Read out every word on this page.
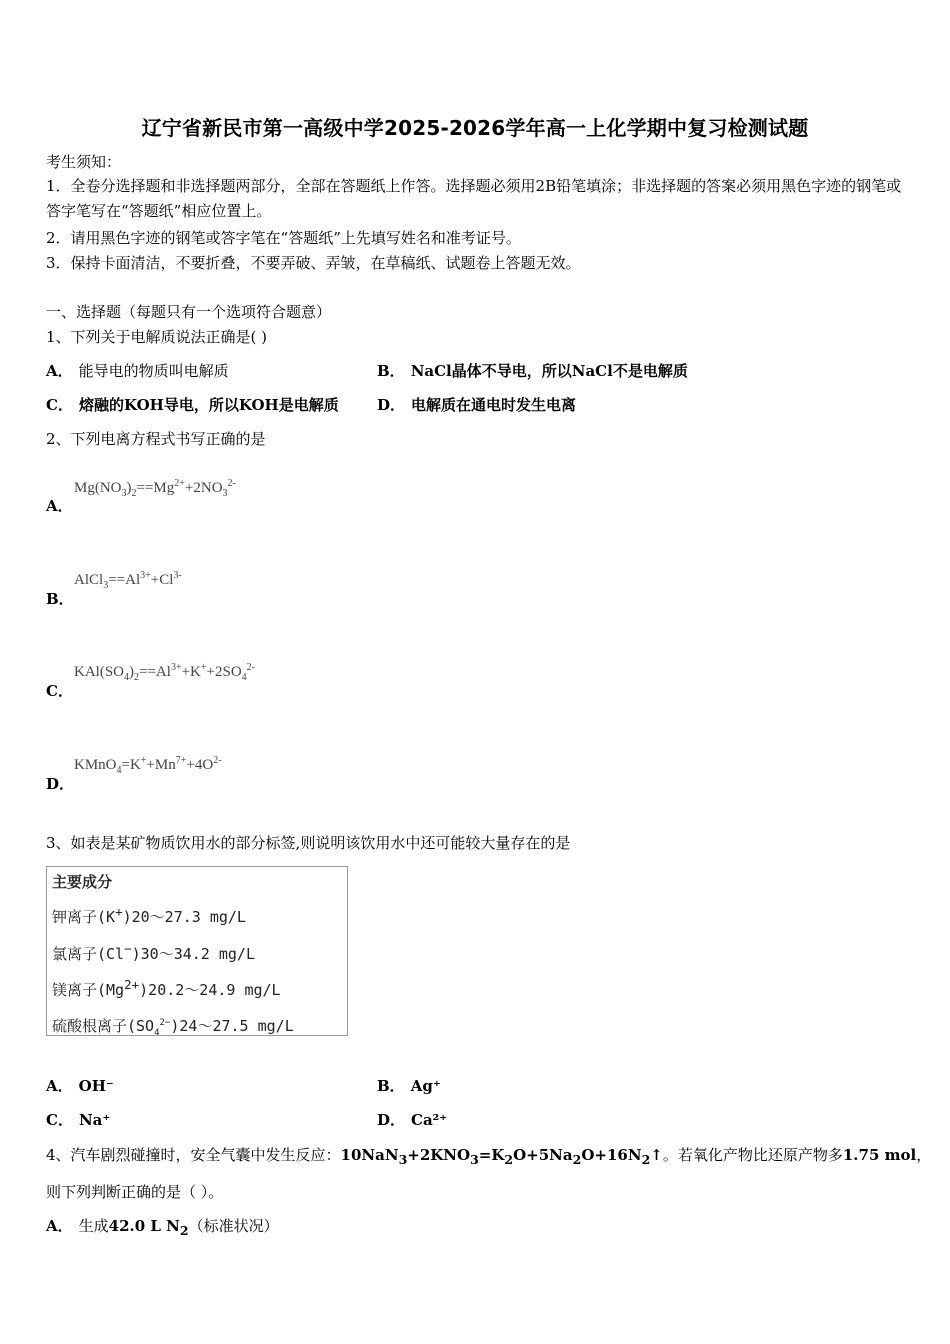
辽宁省新民市第一高级中学2025-2026学年高一上化学期中复习检测试题
考生须知：
1．全卷分选择题和非选择题两部分，全部在答题纸上作答。选择题必须用2B铅笔填涂；非选择题的答案必须用黑色字迹的钢笔或答字笔写在“答题纸”相应位置上。
2．请用黑色字迹的钢笔或答字笔在“答题纸”上先填写姓名和准考证号。
3．保持卡面清洁，不要折叠，不要弄破、弄皱，在草稿纸、试题卷上答题无效。
一、选择题（每题只有一个选项符合题意）
1、下列关于电解质说法正确是( )
A． 能导电的物质叫电解质	B． NaCl晶体不导电，所以NaCl不是电解质
C． 熔融的KOH导电，所以KOH是电解质	D． 电解质在通电时发生电离
2、下列电离方程式书写正确的是
$Mg(NO_3)_2==Mg^{2+}+2NO_3^{2-}$
A．
$AlCl_3==Al^{3+}+Cl^{3-}$
B．
$KAl(SO_4)_2==Al^{3+}+K^++2SO_4^{2-}$
C．
$KMnO_4=K^++Mn^{7+}+4O^{2-}$
D．
3、如表是某矿物质饮用水的部分标签,则说明该饮用水中还可能较大量存在的是
主要成分
钾离子(K+)20～27.3 mg/L
氯离子(Cl−)30～34.2 mg/L
镁离子$(Mg^{2+})20.2\sim 24.9$ mg/L
硫酸根离子$(SO_4^{2-})24\sim 27.5$ mg/L
A． OH⁻	B． Ag⁺
C． Na⁺	D． Ca²⁺
4、汽车剧烈碰撞时，安全气囊中发生反应：$10NaN_3+2KNO_3=K_2O+5Na_2O+16N_2↑$。若氧化产物比还原产物多1.75 mol，
则下列判断正确的是（ ）。
A． 生成42.0 L $N_2$（标准状况）
